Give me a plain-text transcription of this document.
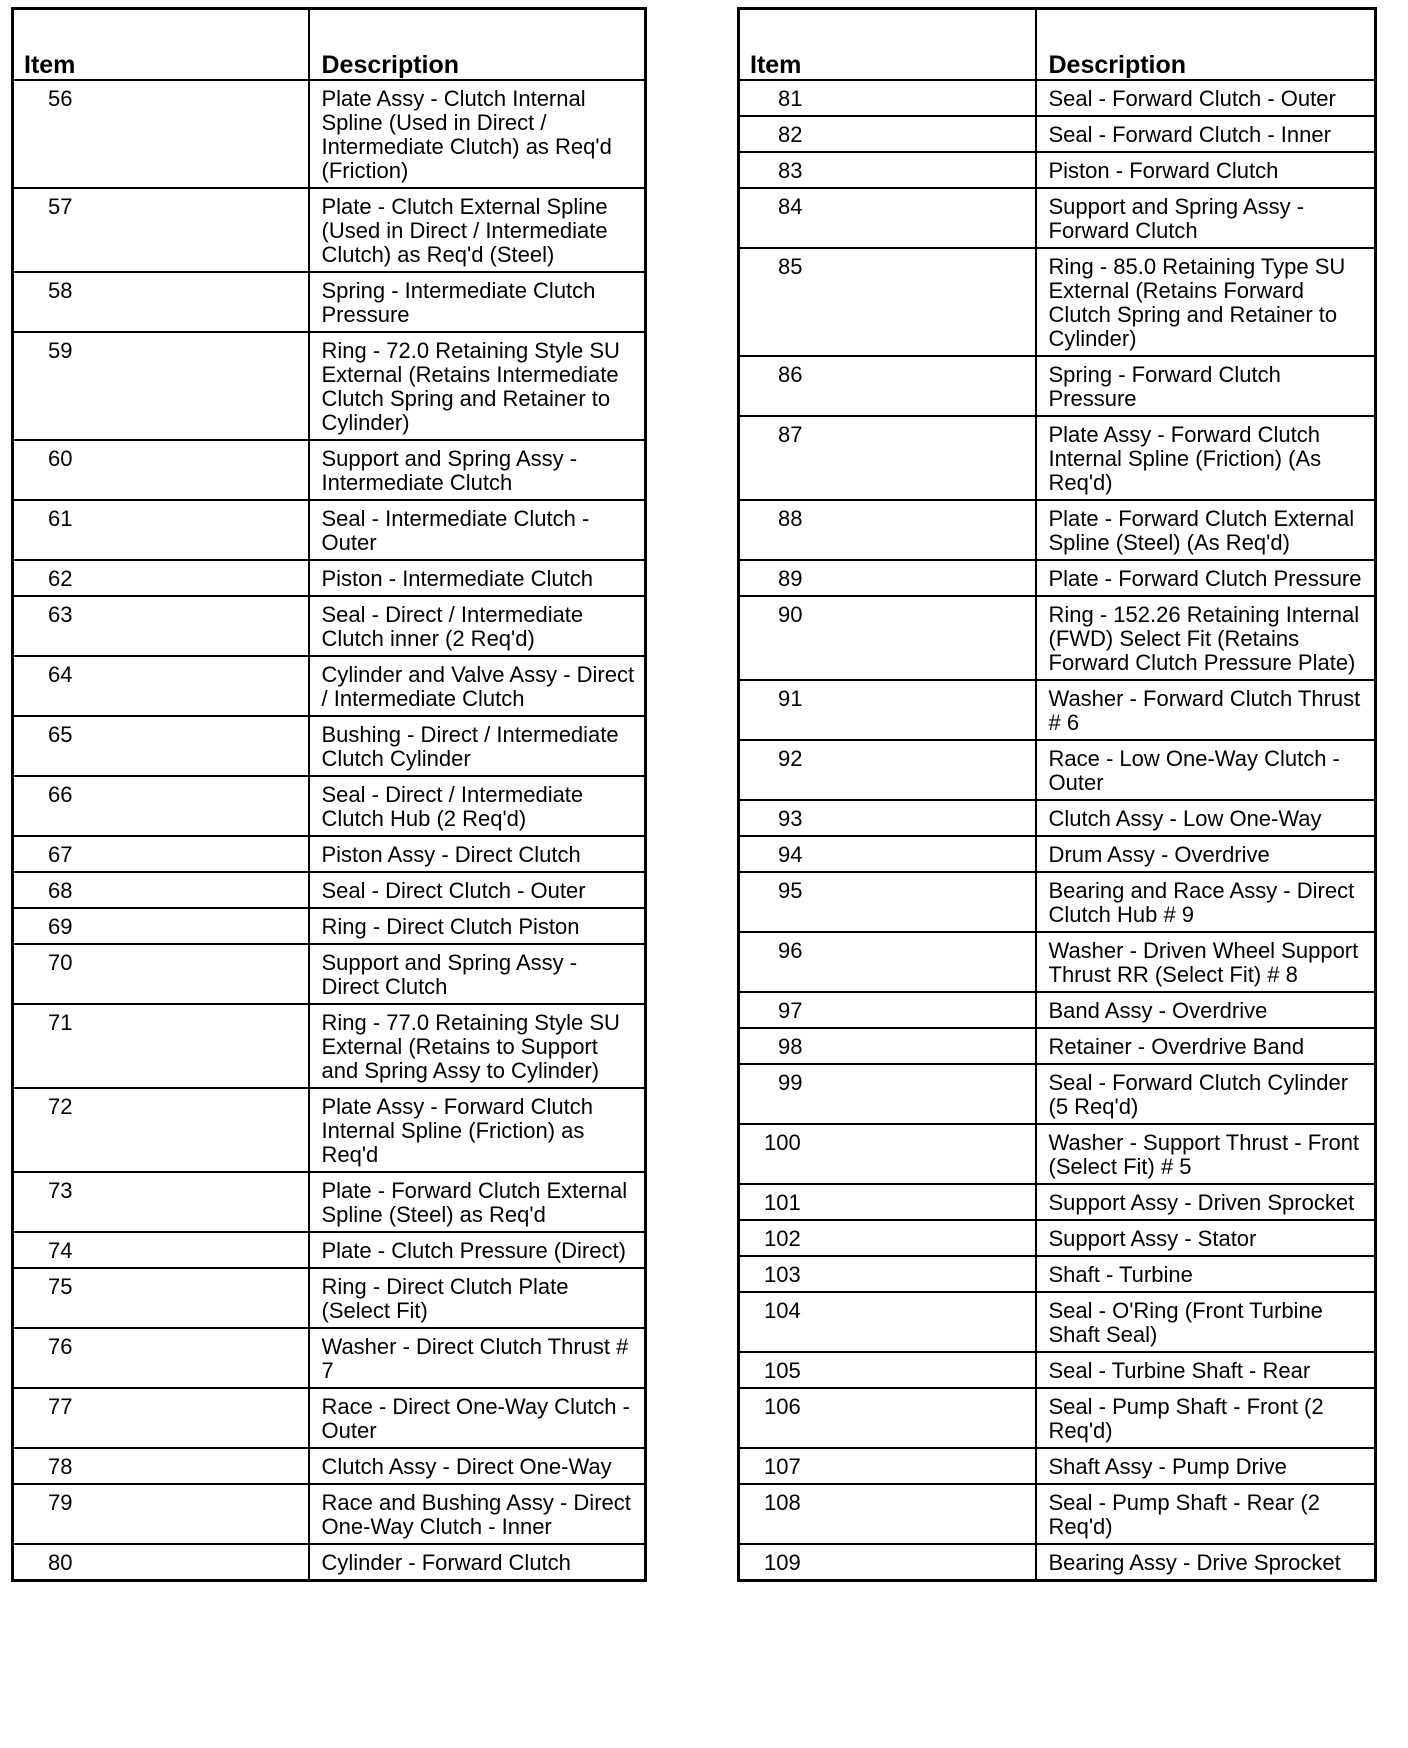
Item	Description
56	Plate Assy - Clutch Internal Spline (Used in Direct / Intermediate Clutch) as Req'd (Friction)
57	Plate - Clutch External Spline (Used in Direct / Intermediate Clutch) as Req'd (Steel)
58	Spring - Intermediate Clutch Pressure
59	Ring - 72.0 Retaining Style SU External (Retains Intermediate Clutch Spring and Retainer to Cylinder)
60	Support and Spring Assy - Intermediate Clutch
61	Seal - Intermediate Clutch - Outer
62	Piston - Intermediate Clutch
63	Seal - Direct / Intermediate Clutch inner (2 Req'd)
64	Cylinder and Valve Assy - Direct / Intermediate Clutch
65	Bushing - Direct / Intermediate Clutch Cylinder
66	Seal - Direct / Intermediate Clutch Hub (2 Req'd)
67	Piston Assy - Direct Clutch
68	Seal - Direct Clutch - Outer
69	Ring - Direct Clutch Piston
70	Support and Spring Assy - Direct Clutch
71	Ring - 77.0 Retaining Style SU External (Retains to Support and Spring Assy to Cylinder)
72	Plate Assy - Forward Clutch Internal Spline (Friction) as Req'd
73	Plate - Forward Clutch External Spline (Steel) as Req'd
74	Plate - Clutch Pressure (Direct)
75	Ring - Direct Clutch Plate (Select Fit)
76	Washer - Direct Clutch Thrust # 7
77	Race - Direct One-Way Clutch - Outer
78	Clutch Assy - Direct One-Way
79	Race and Bushing Assy - Direct One-Way Clutch - Inner
80	Cylinder - Forward Clutch
Item	Description
81	Seal - Forward Clutch - Outer
82	Seal - Forward Clutch - Inner
83	Piston - Forward Clutch
84	Support and Spring Assy - Forward Clutch
85	Ring - 85.0 Retaining Type SU External (Retains Forward Clutch Spring and Retainer to Cylinder)
86	Spring - Forward Clutch Pressure
87	Plate Assy - Forward Clutch Internal Spline (Friction) (As Req'd)
88	Plate - Forward Clutch External Spline (Steel) (As Req'd)
89	Plate - Forward Clutch Pressure
90	Ring - 152.26 Retaining Internal (FWD) Select Fit (Retains Forward Clutch Pressure Plate)
91	Washer - Forward Clutch Thrust # 6
92	Race - Low One-Way Clutch - Outer
93	Clutch Assy - Low One-Way
94	Drum Assy - Overdrive
95	Bearing and Race Assy - Direct Clutch Hub # 9
96	Washer - Driven Wheel Support Thrust RR (Select Fit) # 8
97	Band Assy - Overdrive
98	Retainer - Overdrive Band
99	Seal - Forward Clutch Cylinder (5 Req'd)
100	Washer - Support Thrust - Front (Select Fit) # 5
101	Support Assy - Driven Sprocket
102	Support Assy - Stator
103	Shaft - Turbine
104	Seal - O'Ring (Front Turbine Shaft Seal)
105	Seal - Turbine Shaft - Rear
106	Seal - Pump Shaft - Front (2 Req'd)
107	Shaft Assy - Pump Drive
108	Seal - Pump Shaft - Rear (2 Req'd)
109	Bearing Assy - Drive Sprocket
